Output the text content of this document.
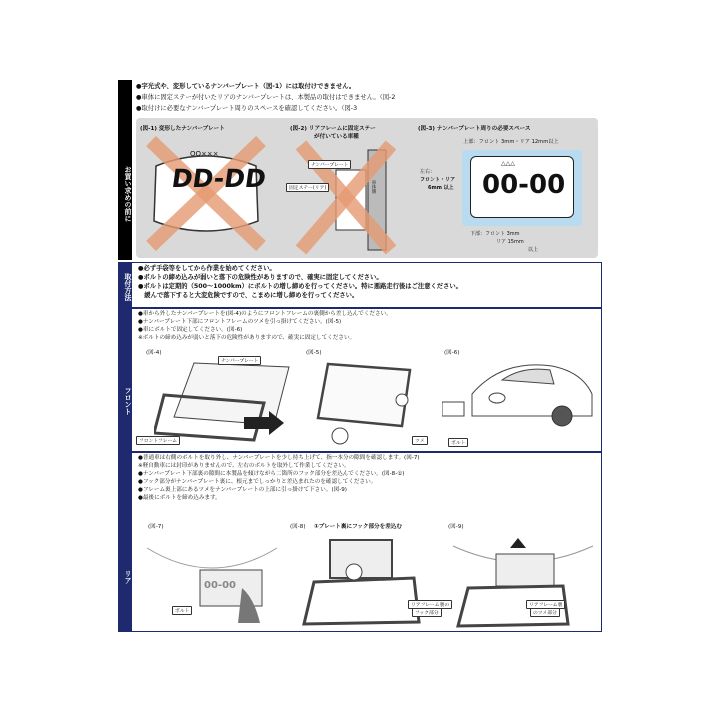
お買い求めの前に
●字光式や、変形しているナンバープレート（図-1）には取付けできません。
●車体に固定ステーが付いたリアのナンバープレートは、本製品の取付はできません。（図-2
●取付けに必要なナンバープレート周りのスペースを確認してください。（図-3
(図-1) 変形したナンバープレート
OO×××
DD-DD
(図-2) リアフレームに固定ステー
が付いている車種
ナンバープレート
固定ステー(リア)	車体側
(図-3) ナンバープレート周りの必要スペース
上部：フロント 3mm・リア 12mm以上
△△△
00-00
左右：
フロント・リア
6mm 以上
下部：フロント 3mm
リア 15mm
以上
取付方法
●必ず手袋等をしてから作業を始めてください。
●ボルトの締め込みが弱いと落下の危険性がありますので、確実に固定してください。
●ボルトは定期的（500〜1000km）にボルトの増し締めを行ってください。特に悪路走行後はご注意ください。
　緩んで落下すると大変危険ですので、こまめに増し締めを行ってください。
フロント
●車から外したナンバープレートを(図-4)のようにフロントフレームの裏側から差し込んでください。
●ナンバープレート下部にフロントフレームのツメを引っ掛けてください。(図-5)
●車にボルトで固定してください。(図-6)
※ボルトの締め込みが弱いと落下の危険性がありますので、確実に固定してください。
(図-4)
ナンバープレート
フロントフレーム
(図-5)
ツメ
(図-6)
ボルト
リア
●普通車は右側のボルトを取り外し、ナンバープレートを少し持ち上げて、指一本分の隙間を確認します。(図-7)
※軽自動車には封印がありませんので、左右のボルトを取外して作業してください。
●ナンバープレート下部裏の隙間に本製品を傾けながら二箇所のフック部分を差込んでください。(図-8-①)
●フック部分がナンバープレート裏に、根元までしっかりと差込まれたのを確認してください。
●フレーム裏上部にあるツメをナンバープレートの上部に引っ掛けて下さい。(図-9)
●最後にボルトを締め込みます。
(図-7)
00-00
ボルト
(図-8) ①プレート裏にフック部分を差込む
リアフレーム裏の
フック部分
(図-9)
リアフレーム裏
のツメ部分
